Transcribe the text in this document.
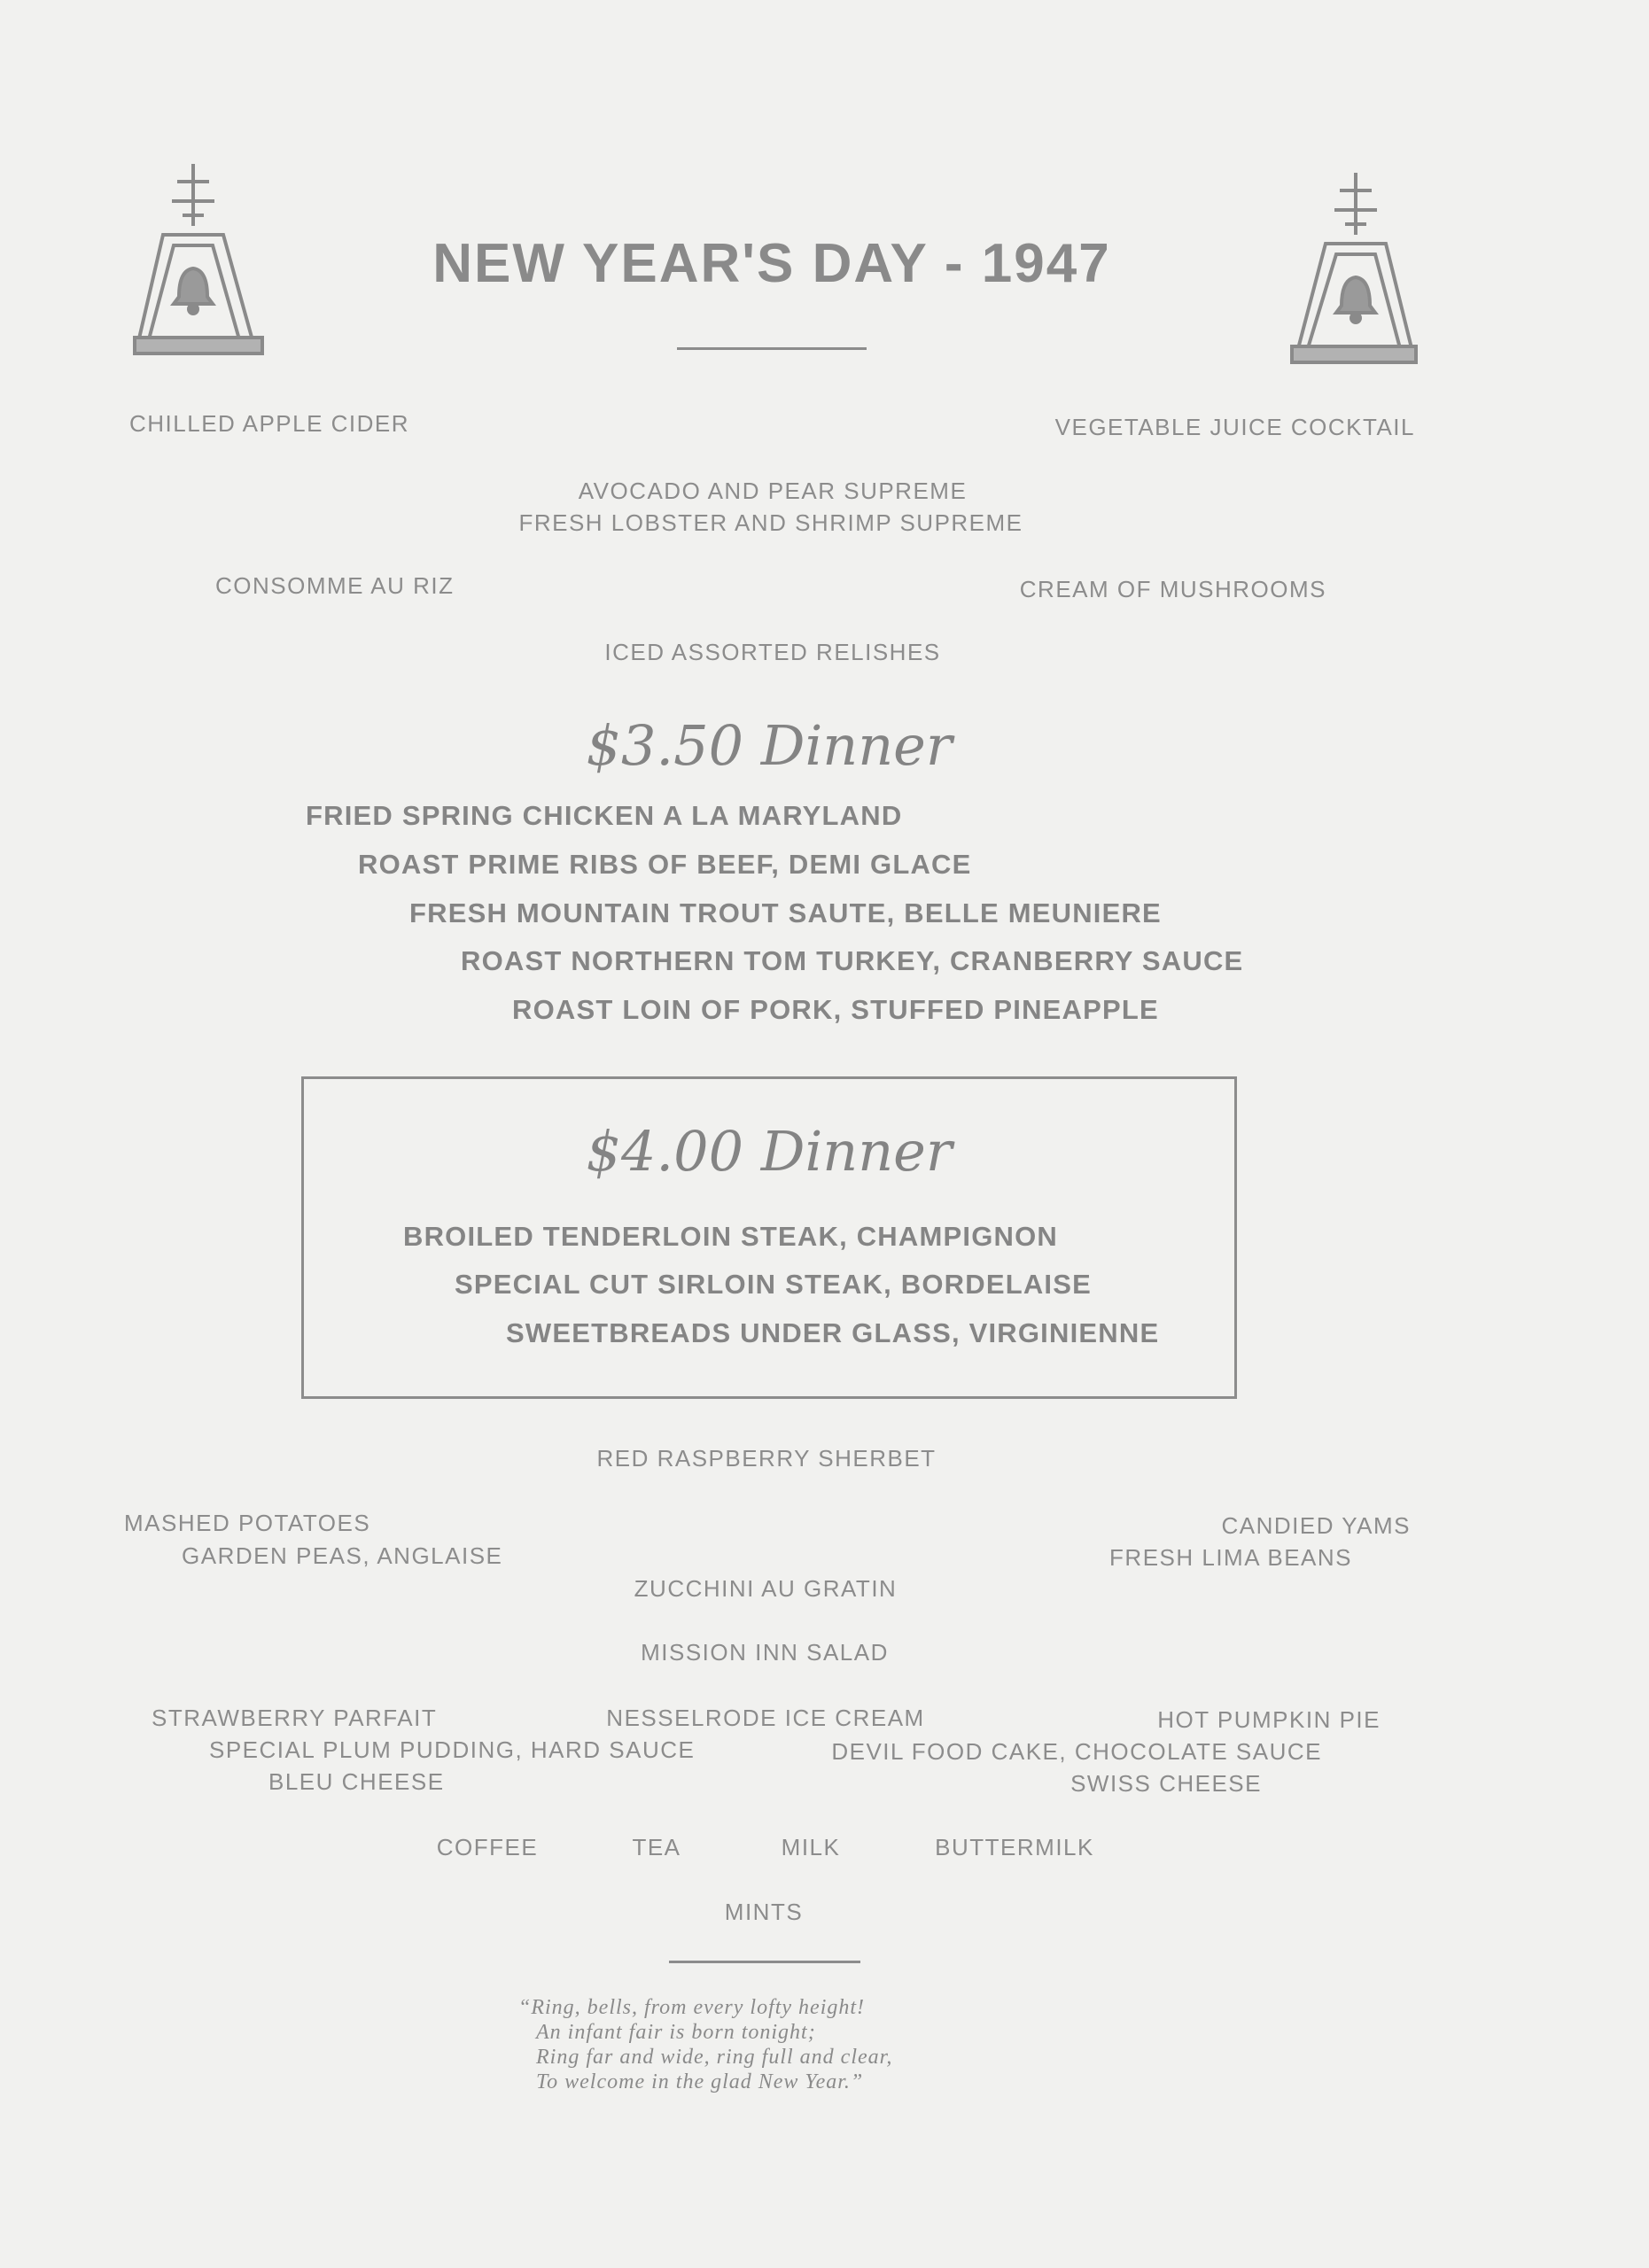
NEW YEAR'S DAY - 1947
CHILLED APPLE CIDER	VEGETABLE JUICE COCKTAIL
AVOCADO AND PEAR SUPREME
FRESH LOBSTER AND SHRIMP SUPREME
CONSOMME AU RIZ	CREAM OF MUSHROOMS
ICED ASSORTED RELISHES
$3.50 Dinner
FRIED SPRING CHICKEN A LA MARYLAND
ROAST PRIME RIBS OF BEEF, DEMI GLACE
FRESH MOUNTAIN TROUT SAUTE, BELLE MEUNIERE
ROAST NORTHERN TOM TURKEY, CRANBERRY SAUCE
ROAST LOIN OF PORK, STUFFED PINEAPPLE
$4.00 Dinner
BROILED TENDERLOIN STEAK, CHAMPIGNON
SPECIAL CUT SIRLOIN STEAK, BORDELAISE
SWEETBREADS UNDER GLASS, VIRGINIENNE
RED RASPBERRY SHERBET
MASHED POTATOES
GARDEN PEAS, ANGLAISE
CANDIED YAMS
FRESH LIMA BEANS
ZUCCHINI AU GRATIN
MISSION INN SALAD
STRAWBERRY PARFAIT
SPECIAL PLUM PUDDING, HARD SAUCE
BLEU CHEESE
NESSELRODE ICE CREAM	HOT PUMPKIN PIE
DEVIL FOOD CAKE, CHOCOLATE SAUCE
SWISS CHEESE
COFFEE	TEA	MILK	BUTTERMILK
MINTS
“Ring, bells, from every lofty height!
An infant fair is born tonight;
Ring far and wide, ring full and clear,
To welcome in the glad New Year.”
